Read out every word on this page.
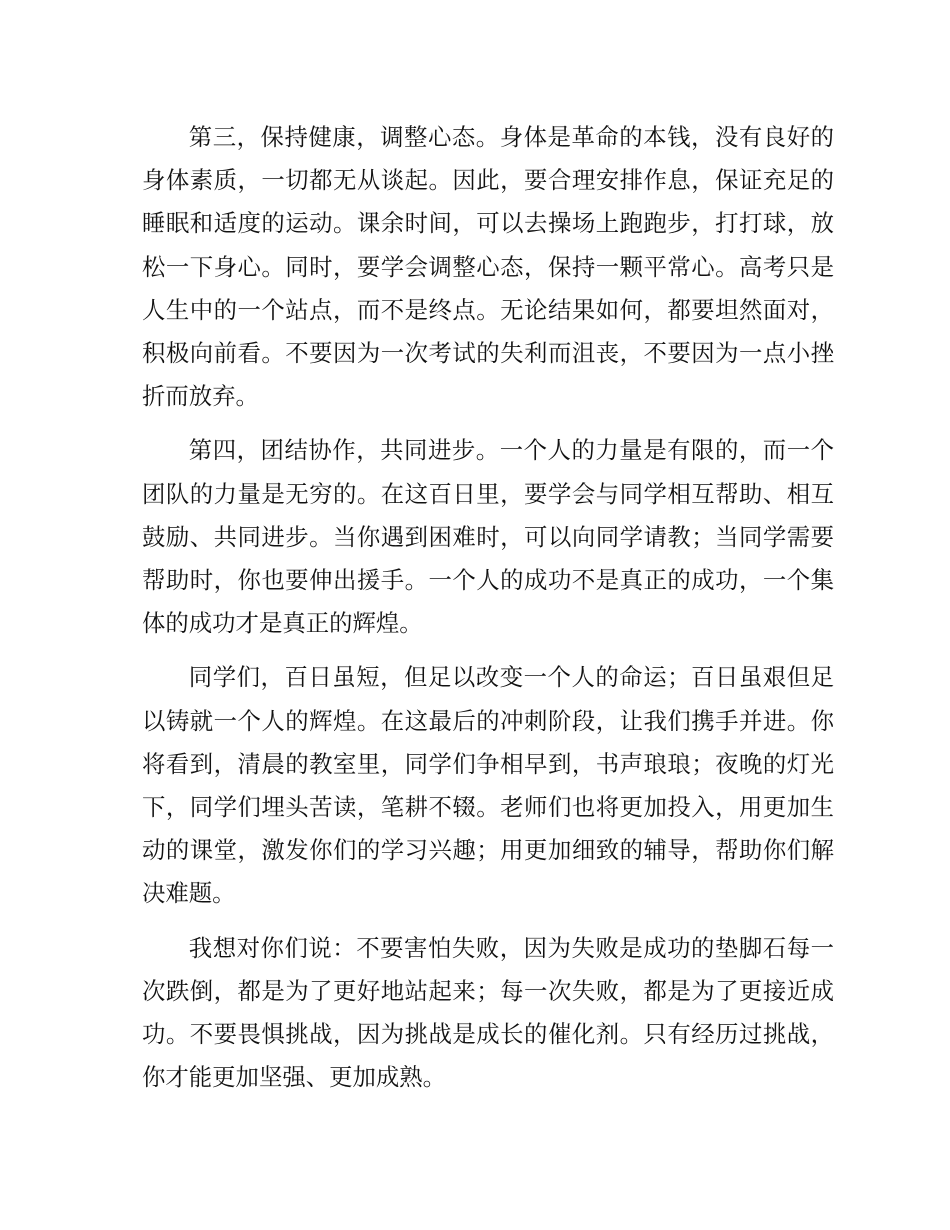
第三，保持健康，调整心态。身体是革命的本钱，没有良好的身体素质，一切都无从谈起。因此，要合理安排作息，保证充足的睡眠和适度的运动。课余时间，可以去操场上跑跑步，打打球，放松一下身心。同时，要学会调整心态，保持一颗平常心。高考只是人生中的一个站点，而不是终点。无论结果如何，都要坦然面对，积极向前看。不要因为一次考试的失利而沮丧，不要因为一点小挫折而放弃。

第四，团结协作，共同进步。一个人的力量是有限的，而一个团队的力量是无穷的。在这百日里，要学会与同学相互帮助、相互鼓励、共同进步。当你遇到困难时，可以向同学请教；当同学需要帮助时，你也要伸出援手。一个人的成功不是真正的成功，一个集体的成功才是真正的辉煌。

同学们，百日虽短，但足以改变一个人的命运；百日虽艰但足以铸就一个人的辉煌。在这最后的冲刺阶段，让我们携手并进。你将看到，清晨的教室里，同学们争相早到，书声琅琅；夜晚的灯光下，同学们埋头苦读，笔耕不辍。老师们也将更加投入，用更加生动的课堂，激发你们的学习兴趣；用更加细致的辅导，帮助你们解决难题。

我想对你们说：不要害怕失败，因为失败是成功的垫脚石每一次跌倒，都是为了更好地站起来；每一次失败，都是为了更接近成功。不要畏惧挑战，因为挑战是成长的催化剂。只有经历过挑战，你才能更加坚强、更加成熟。
